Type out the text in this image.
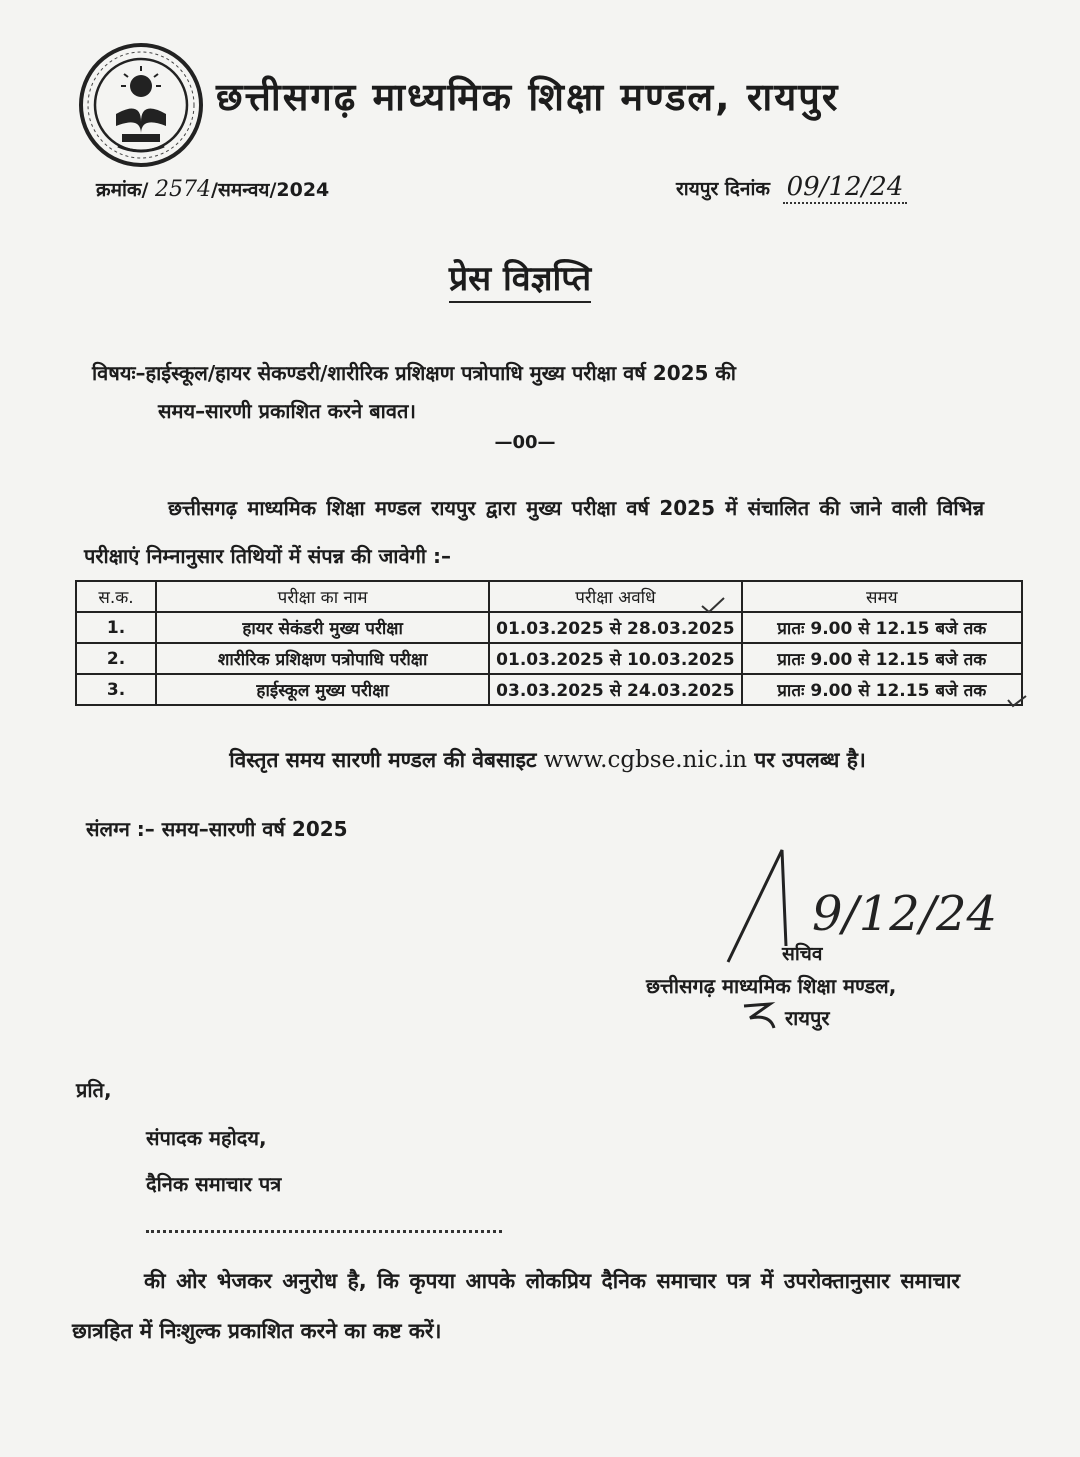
छत्तीसगढ़ माध्यमिक शिक्षा मण्डल, रायपुर
क्रमांक/ 2574/समन्वय/2024	रायपुर दिनांक 09/12/24
प्रेस विज्ञप्ति
विषयः–हाईस्कूल/हायर सेकण्डरी/शारीरिक प्रशिक्षण पत्रोपाधि मुख्य परीक्षा वर्ष 2025 की
समय–सारणी प्रकाशित करने बावत।
—00—
छत्तीसगढ़ माध्यमिक शिक्षा मण्डल रायपुर द्वारा मुख्य परीक्षा वर्ष 2025 में संचालित की जाने वाली विभिन्न परीक्षाएं निम्नानुसार तिथियों में संपन्न की जावेगी :–
स.क.	परीक्षा का नाम	परीक्षा अवधि	समय
1.	हायर सेकंडरी मुख्य परीक्षा	01.03.2025 से 28.03.2025	प्रातः 9.00 से 12.15 बजे तक
2.	शारीरिक प्रशिक्षण पत्रोपाधि परीक्षा	01.03.2025 से 10.03.2025	प्रातः 9.00 से 12.15 बजे तक
3.	हाईस्कूल मुख्य परीक्षा	03.03.2025 से 24.03.2025	प्रातः 9.00 से 12.15 बजे तक
विस्तृत समय सारणी मण्डल की वेबसाइट www.cgbse.nic.in पर उपलब्ध है।
संलग्न :– समय–सारणी वर्ष 2025
9/12/24
सचिव
छत्तीसगढ़ माध्यमिक शिक्षा मण्डल,
रायपुर
प्रति,
संपादक महोदय,
दैनिक समाचार पत्र
की ओर भेजकर अनुरोध है, कि कृपया आपके लोकप्रिय दैनिक समाचार पत्र में उपरोक्तानुसार समाचार छात्रहित में निःशुल्क प्रकाशित करने का कष्ट करें।
